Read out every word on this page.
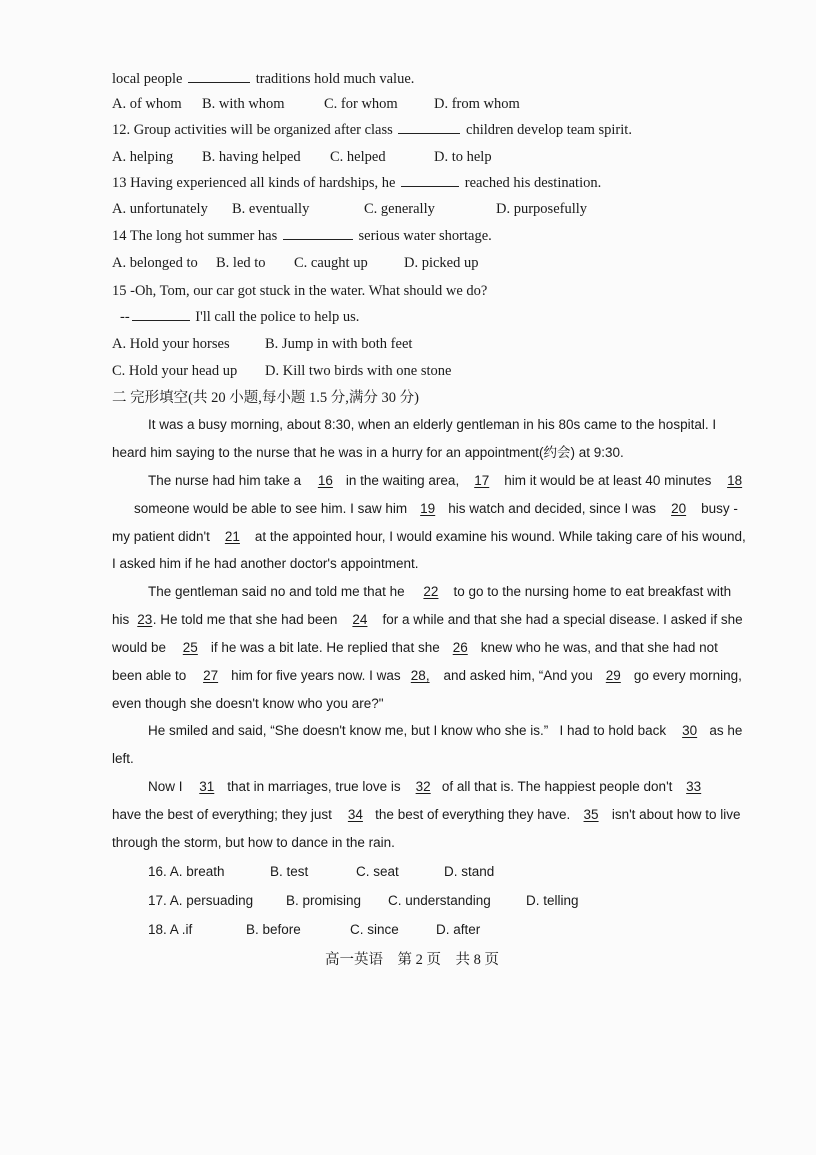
local people	traditions hold much value.
A. of whom B. with whom	C. for whom	D. from whom
12. Group activities will be organized after class	children develop team spirit.
A. helping B. having helped C. helped	D. to help
13 Having experienced all kinds of hardships, he	reached his destination.
A. unfortunately B. eventually	C. generally	D. purposefully
14 The long hot summer has	serious water shortage.
A. belonged to B. led to C. caught up	D. picked up
15 -Oh, Tom, our car got stuck in the water. What should we do?
--	I'll call the police to help us.
A. Hold your horses B. Jump in with both feet
C. Hold your head up D. Kill two birds with one stone
二 完形填空(共 20 小题,每小题 1.5 分,满分 30 分)
It was a busy morning, about 8:30, when an elderly gentleman in his 80s came to the hospital. I
heard him saying to the nurse that he was in a hurry for an appointment(约会) at 9:30.
The nurse had him take a 16 in the waiting area, 17 him it would be at least 40 minutes 18
someone would be able to see him. I saw him 19 his watch and decided, since I was 20 busy -
my patient didn't 21 at the appointed hour, I would examine his wound. While taking care of his wound,
I asked him if he had another doctor's appointment.
The gentleman said no and told me that he 22 to go to the nursing home to eat breakfast with
his 23. He told me that she had been 24 for a while and that she had a special disease. I asked if she
would be 25 if he was a bit late. He replied that she 26 knew who he was, and that she had not
been able to 27 him for five years now. I was 28, and asked him, “And you 29 go every morning,
even though she doesn't know who you are?"
He smiled and said, “She doesn't know me, but I know who she is.” I had to hold back 30 as he
left.
Now I 31 that in marriages, true love is 32 of all that is. The happiest people don't 33
have the best of everything; they just 34 the best of everything they have. 35 isn't about how to live
through the storm, but how to dance in the rain.
16. A. breath	B. test	C. seat	D. stand
17. A. persuading B. promising C. understanding	D. telling
18. A .if	B. before	C. since	D. after
高一英语　第 2 页　共 8 页
